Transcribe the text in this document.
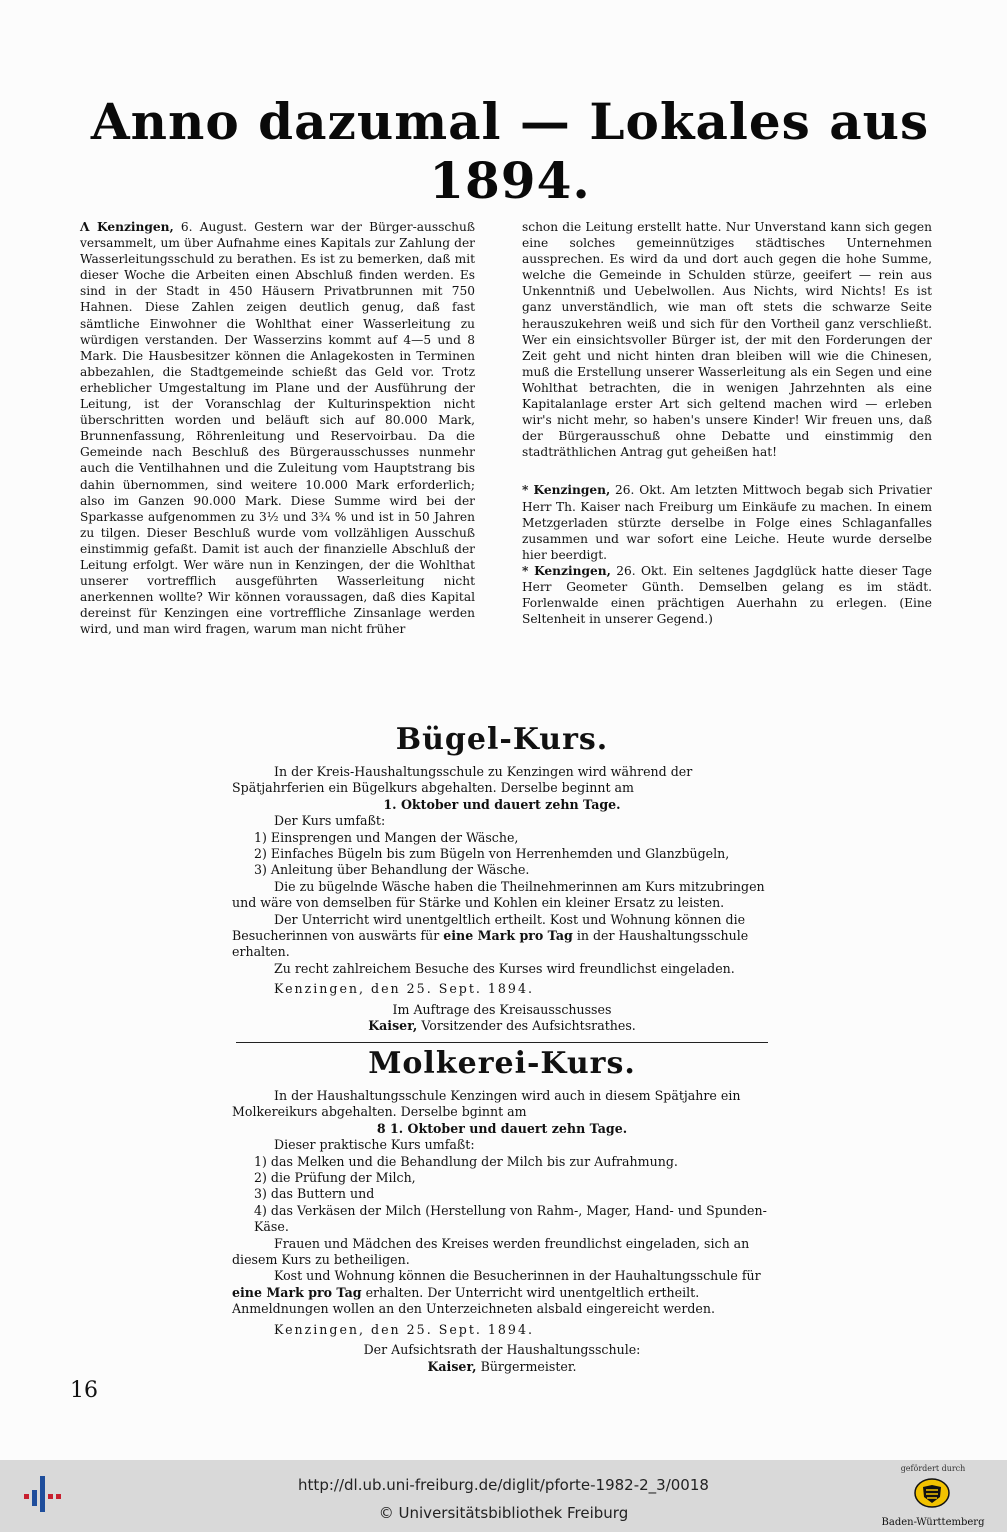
Anno dazumal — Lokales aus 1894.

Λ Kenzingen, 6. August. Gestern war der Bürger-ausschuß versammelt, um über Aufnahme eines Kapitals zur Zahlung der Wasserleitungsschuld zu berathen. Es ist zu bemerken, daß mit dieser Woche die Arbeiten einen Abschluß finden werden. Es sind in der Stadt in 450 Häusern Privatbrunnen mit 750 Hahnen. Diese Zahlen zeigen deutlich genug, daß fast sämtliche Einwohner die Wohlthat einer Wasserleitung zu würdigen verstanden. Der Wasserzins kommt auf 4—5 und 8 Mark. Die Hausbesitzer können die Anlagekosten in Terminen abbezahlen, die Stadtgemeinde schießt das Geld vor. Trotz erheblicher Umgestaltung im Plane und der Ausführung der Leitung, ist der Voranschlag der Kulturinspektion nicht überschritten worden und beläuft sich auf 80.000 Mark, Brunnenfassung, Röhrenleitung und Reservoirbau. Da die Gemeinde nach Beschluß des Bürgerausschusses nunmehr auch die Ventilhahnen und die Zuleitung vom Hauptstrang bis dahin übernommen, sind weitere 10.000 Mark erforderlich; also im Ganzen 90.000 Mark. Diese Summe wird bei der Sparkasse aufgenommen zu 3½ und 3¾ % und ist in 50 Jahren zu tilgen. Dieser Beschluß wurde vom vollzähligen Ausschuß einstimmig gefaßt. Damit ist auch der finanzielle Abschluß der Leitung erfolgt. Wer wäre nun in Kenzingen, der die Wohlthat unserer vortrefflich ausgeführten Wasserleitung nicht anerkennen wollte? Wir können voraussagen, daß dies Kapital dereinst für Kenzingen eine vortreffliche Zinsanlage werden wird, und man wird fragen, warum man nicht früher

schon die Leitung erstellt hatte. Nur Unverstand kann sich gegen eine solches gemeinnütziges städtisches Unternehmen aussprechen. Es wird da und dort auch gegen die hohe Summe, welche die Gemeinde in Schulden stürze, geeifert — rein aus Unkenntniß und Uebelwollen. Aus Nichts, wird Nichts! Es ist ganz unverständlich, wie man oft stets die schwarze Seite herauszukehren weiß und sich für den Vortheil ganz verschließt. Wer ein einsichtsvoller Bürger ist, der mit den Forderungen der Zeit geht und nicht hinten dran bleiben will wie die Chinesen, muß die Erstellung unserer Wasserleitung als ein Segen und eine Wohlthat betrachten, die in wenigen Jahrzehnten als eine Kapitalanlage erster Art sich geltend machen wird — erleben wir's nicht mehr, so haben's unsere Kinder! Wir freuen uns, daß der Bürgerausschuß ohne Debatte und einstimmig den stadträthlichen Antrag gut geheißen hat!

* Kenzingen, 26. Okt. Am letzten Mittwoch begab sich Privatier Herr Th. Kaiser nach Freiburg um Einkäufe zu machen. In einem Metzgerladen stürzte derselbe in Folge eines Schlaganfalles zusammen und war sofort eine Leiche. Heute wurde derselbe hier beerdigt.

* Kenzingen, 26. Okt. Ein seltenes Jagdglück hatte dieser Tage Herr Geometer Günth. Demselben gelang es im städt. Forlenwalde einen prächtigen Auerhahn zu erlegen. (Eine Seltenheit in unserer Gegend.)

Bügel-Kurs.

In der Kreis-Haushaltungsschule zu Kenzingen wird während der Spätjahrferien ein Bügelkurs abgehalten. Derselbe beginnt am

1. Oktober und dauert zehn Tage.

Der Kurs umfaßt:

1) Einsprengen und Mangen der Wäsche,

2) Einfaches Bügeln bis zum Bügeln von Herrenhemden und Glanzbügeln,

3) Anleitung über Behandlung der Wäsche.

Die zu bügelnde Wäsche haben die Theilnehmerinnen am Kurs mitzubringen und wäre von demselben für Stärke und Kohlen ein kleiner Ersatz zu leisten.

Der Unterricht wird unentgeltlich ertheilt. Kost und Wohnung können die Besucherinnen von auswärts für eine Mark pro Tag in der Haushaltungsschule erhalten.

Zu recht zahlreichem Besuche des Kurses wird freundlichst eingeladen.

Kenzingen, den 25. Sept. 1894.

Im Auftrage des Kreisausschusses

Kaiser, Vorsitzender des Aufsichtsrathes.

Molkerei-Kurs.

In der Haushaltungsschule Kenzingen wird auch in diesem Spätjahre ein Molkereikurs abgehalten. Derselbe bginnt am

8 1. Oktober und dauert zehn Tage.

Dieser praktische Kurs umfaßt:

1) das Melken und die Behandlung der Milch bis zur Aufrahmung.

2) die Prüfung der Milch,

3) das Buttern und

4) das Verkäsen der Milch (Herstellung von Rahm-, Mager, Hand- und Spunden-Käse.

Frauen und Mädchen des Kreises werden freundlichst eingeladen, sich an diesem Kurs zu betheiligen.

Kost und Wohnung können die Besucherinnen in der Hauhaltungsschule für eine Mark pro Tag erhalten. Der Unterricht wird unentgeltlich ertheilt. Anmeldnungen wollen an den Unterzeichneten alsbald eingereicht werden.

Kenzingen, den 25. Sept. 1894.

Der Aufsichtsrath der Haushaltungsschule:

Kaiser, Bürgermeister.

16
http://dl.ub.uni-freiburg.de/diglit/pforte-1982-2_3/0018
© Universitätsbibliothek Freiburg
gefördert durch
Baden-Württemberg
